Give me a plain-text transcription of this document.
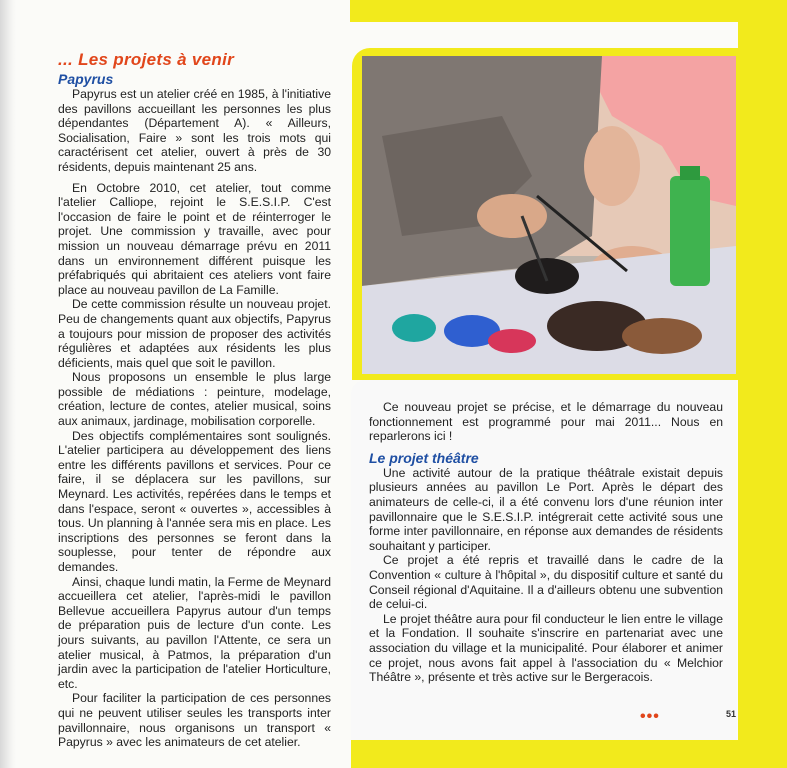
... Les projets à venir
Papyrus

Papyrus est un atelier créé en 1985, à l'initiative des pavillons accueillant les personnes les plus dépendantes (Département A). « Ailleurs, Socialisation, Faire » sont les trois mots qui caractérisent cet atelier, ouvert à près de 30 résidents, depuis maintenant 25 ans.

En Octobre 2010, cet atelier, tout comme l'atelier Calliope, rejoint le S.E.S.I.P. C'est l'occasion de faire le point et de réinterroger le projet. Une commission y travaille, avec pour mission un nouveau démarrage prévu en 2011 dans un environnement différent puisque les préfabriqués qui abritaient ces ateliers vont faire place au nouveau pavillon de La Famille.

De cette commission résulte un nouveau projet. Peu de changements quant aux objectifs, Papyrus a toujours pour mission de proposer des activités régulières et adaptées aux résidents les plus déficients, mais quel que soit le pavillon.

Nous proposons un ensemble le plus large possible de médiations : peinture, modelage, création, lecture de contes, atelier musical, soins aux animaux, jardinage, mobilisation corporelle.

Des objectifs complémentaires sont soulignés. L'atelier participera au développement des liens entre les différents pavillons et services. Pour ce faire, il se déplacera sur les pavillons, sur Meynard. Les activités, repérées dans le temps et dans l'espace, seront « ouvertes », accessibles à tous. Un planning à l'année sera mis en place. Les inscriptions des personnes se feront dans la souplesse, pour tenter de répondre aux demandes.

Ainsi, chaque lundi matin, la Ferme de Meynard accueillera cet atelier, l'après-midi le pavillon Bellevue accueillera Papyrus autour d'un temps de préparation puis de lecture d'un conte. Les jours suivants, au pavillon l'Attente, ce sera un atelier musical, à Patmos, la préparation d'un jardin avec la participation de l'atelier Horticulture, etc.

Pour faciliter la participation de ces personnes qui ne peuvent utiliser seules les transports inter pavillonnaire, nous organisons un transport « Papyrus » avec les animateurs de cet atelier.

Ce nouveau projet se précise, et le démarrage du nouveau fonctionnement est programmé pour mai 2011... Nous en reparlerons ici !

Le projet théâtre

Une activité autour de la pratique théâtrale existait depuis plusieurs années au pavillon Le Port. Après le départ des animateurs de celle-ci, il a été convenu lors d'une réunion inter pavillonnaire que le S.E.S.I.P. intégrerait cette activité sous une forme inter pavillonnaire, en réponse aux demandes de résidents souhaitant y participer.

Ce projet a été repris et travaillé dans le cadre de la Convention « culture à l'hôpital », du dispositif culture et santé du Conseil régional d'Aquitaine. Il a d'ailleurs obtenu une subvention de celui-ci.

Le projet théâtre aura pour fil conducteur le lien entre le village et la Fondation. Il souhaite s'inscrire en partenariat avec une association du village et la municipalité. Pour élaborer et animer ce projet, nous avons fait appel à l'association du « Melchior Théâtre », présente et très active sur le Bergeracois.

•••	51
